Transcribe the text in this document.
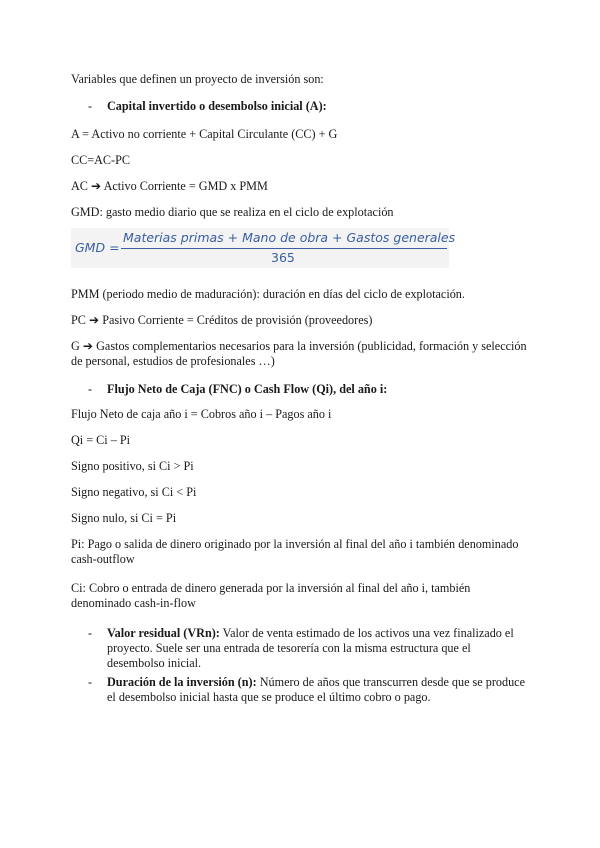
Variables que definen un proyecto de inversión son:
- Capital invertido o desembolso inicial (A):
A = Activo no corriente + Capital Circulante (CC) + G
CC=AC-PC
AC ➔ Activo Corriente = GMD x PMM
GMD: gasto medio diario que se realiza en el ciclo de explotación
GMD =
Materias primas + Mano de obra + Gastos generales
365
PMM (periodo medio de maduración): duración en días del ciclo de explotación.
PC ➔ Pasivo Corriente = Créditos de provisión (proveedores)
G ➔ Gastos complementarios necesarios para la inversión (publicidad, formación y selección
de personal, estudios de profesionales …)
- Flujo Neto de Caja (FNC) o Cash Flow (Qi), del año i:
Flujo Neto de caja año i = Cobros año i – Pagos año i
Qi = Ci – Pi
Signo positivo, si Ci > Pi
Signo negativo, si Ci < Pi
Signo nulo, si Ci = Pi
Pi: Pago o salida de dinero originado por la inversión al final del año i también denominado
cash-outflow
Ci: Cobro o entrada de dinero generada por la inversión al final del año i, también
denominado cash-in-flow
- Valor residual (VRn): Valor de venta estimado de los activos una vez finalizado el proyecto. Suele ser una entrada de tesorería con la misma estructura que el desembolso inicial.
- Duración de la inversión (n): Número de años que transcurren desde que se produce el desembolso inicial hasta que se produce el último cobro o pago.
